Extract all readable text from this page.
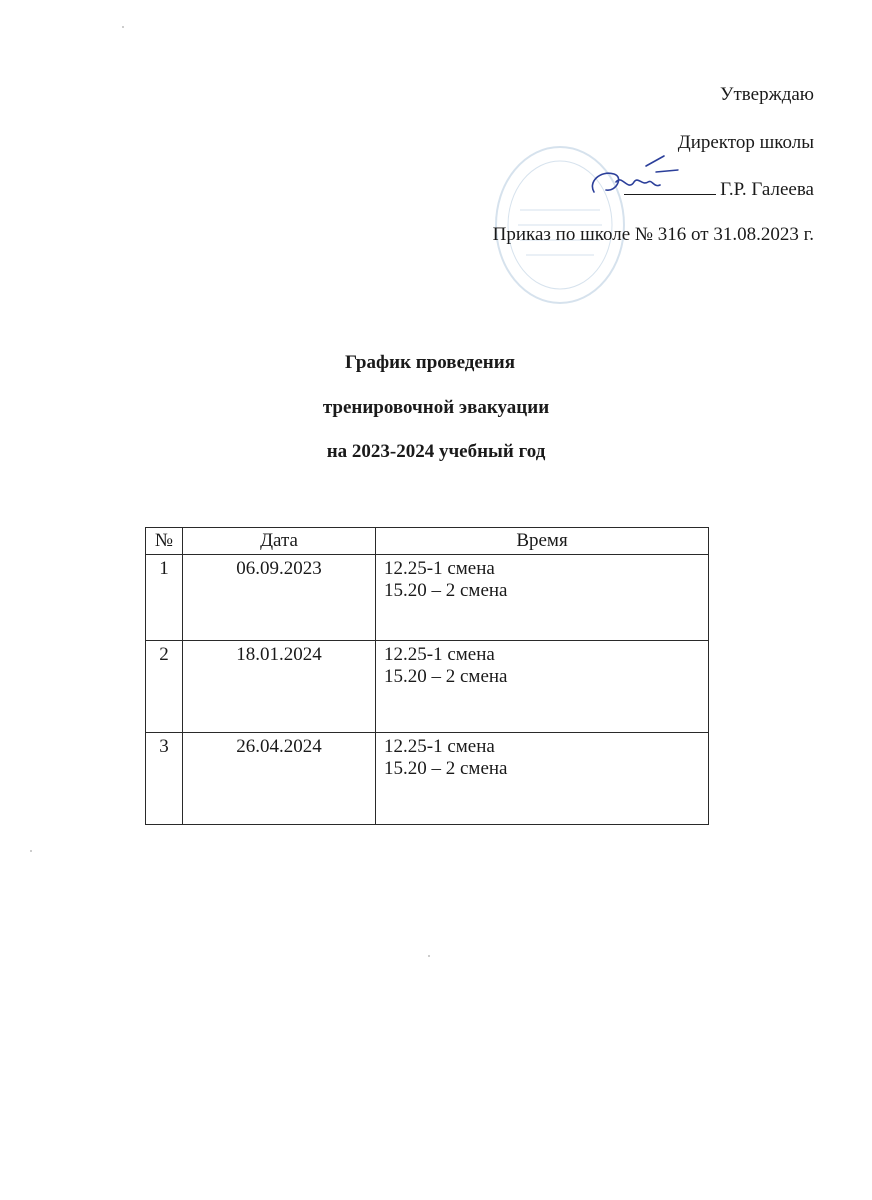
Утверждаю
Директор школы
Г.Р. Галеева
Приказ по школе № 316 от 31.08.2023 г.
График проведения
тренировочной эвакуации
на 2023-2024 учебный год
№	Дата	Время
1	06.09.2023	12.25-1 смена
15.20 – 2 смена

2	18.01.2024	12.25-1 смена
15.20 – 2 смена

3	26.04.2024	12.25-1 смена
15.20 – 2 смена
